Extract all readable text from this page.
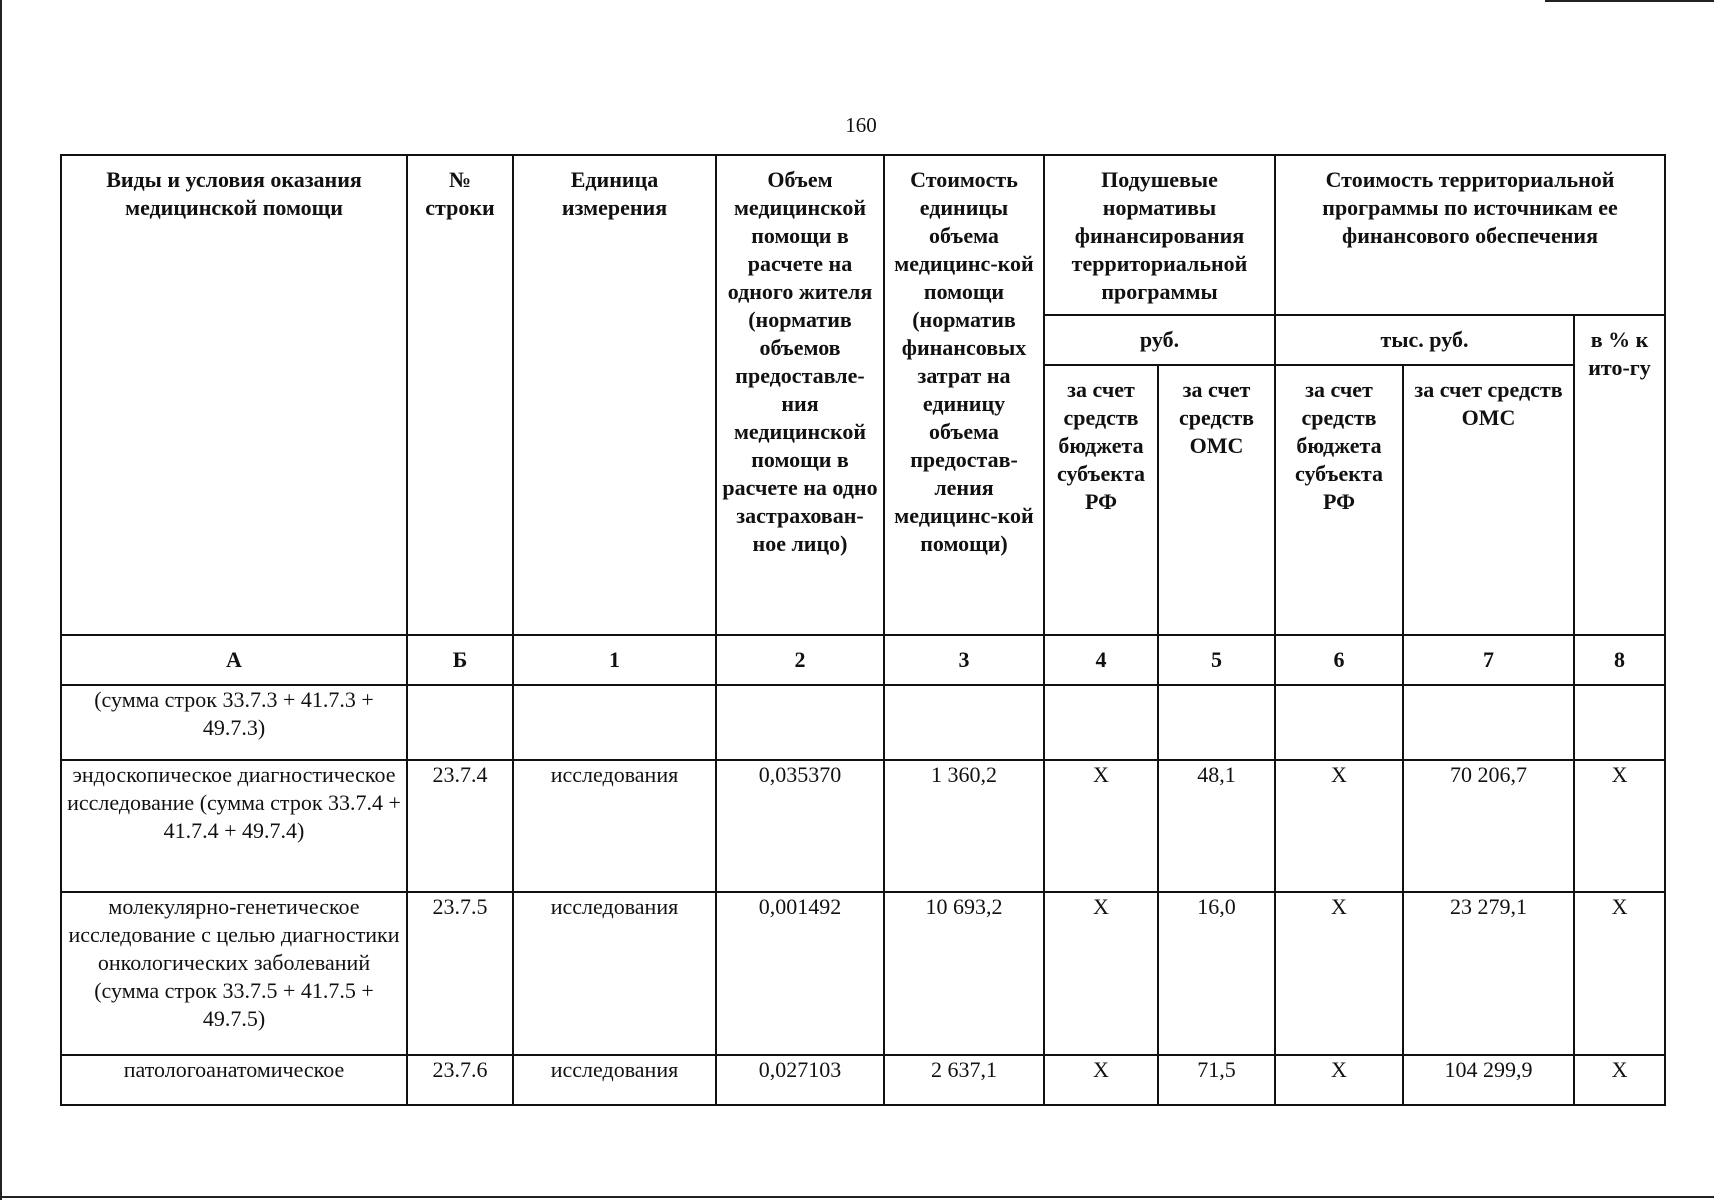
160
Виды и условия оказания медицинской помощи	№ строки	Единица измерения	Объем медицинской помощи в расчете на одного жителя (норматив объемов предоставле-ния медицинской помощи в расчете на одно застрахован-ное лицо)	Стоимость единицы объема медицинс-кой помощи (норматив финансовых затрат на единицу объема предостав-ления медицинс-кой помощи)	Подушевые нормативы финансирования территориальной программы		Стоимость территориальной программы по источникам ее финансового обеспечения		
					руб.		тыс. руб.		в % к ито-гу
					за счет средств бюджета субъекта РФ	за счет средств ОМС	за счет средств бюджета субъекта РФ	за счет средств ОМС	
А	Б	1	2	3	4	5	6	7	8
(сумма строк 33.7.3 + 41.7.3 + 49.7.3)									
эндоскопическое диагностическое исследование (сумма строк 33.7.4 + 41.7.4 + 49.7.4)	23.7.4	исследования	0,035370	1 360,2	Х	48,1	Х	70 206,7	Х
молекулярно-генетическое исследование с целью диагностики онкологических заболеваний (сумма строк 33.7.5 + 41.7.5 + 49.7.5)	23.7.5	исследования	0,001492	10 693,2	Х	16,0	Х	23 279,1	Х
патологоанатомическое	23.7.6	исследования	0,027103	2 637,1	Х	71,5	Х	104 299,9	Х
